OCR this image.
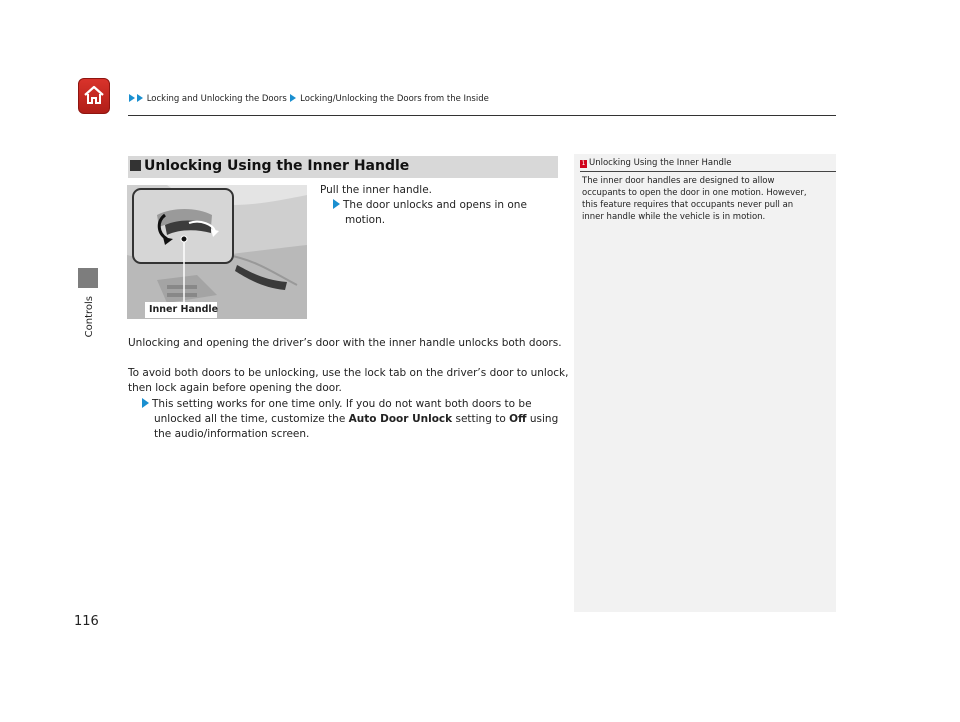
Locking and Unlocking the Doors Locking/Unlocking the Doors from the Inside
Controls
116
Unlocking Using the Inner Handle
Inner Handle
Pull the inner handle.
The door unlocks and opens in one
motion.
Unlocking and opening the driver’s door with the inner handle unlocks both doors.
To avoid both doors to be unlocking, use the lock tab on the driver’s door to unlock,
then lock again before opening the door.
This setting works for one time only. If you do not want both doors to be
unlocked all the time, customize the Auto Door Unlock setting to Off using
the audio/information screen.
1 Unlocking Using the Inner Handle
The inner door handles are designed to allow
occupants to open the door in one motion. However,
this feature requires that occupants never pull an
inner handle while the vehicle is in motion.
